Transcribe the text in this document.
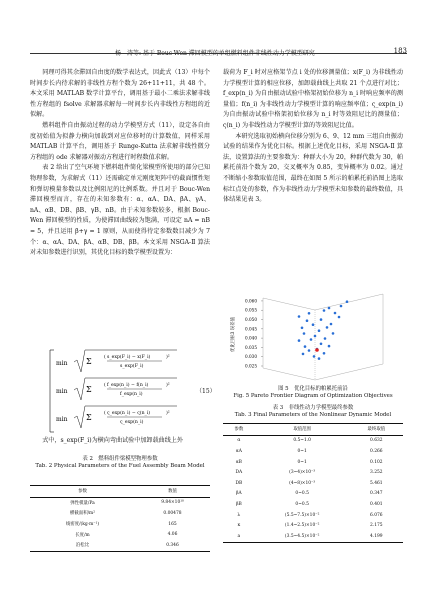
杨　涛等: 基于 Bouc-Wen 滞回模型的单组燃料组件非线性动力学模型研究	183

同理可得其余滞回自由度的数学表达式，因此式（13）中每个时间步长内待求解的非线性方程个数为 26+11+11，共 48 个。本文采用 MATLAB 数学计算平台，调用基于最小二乘法求解非线性方程组的 fsolve 求解器求解每一时间步长内非线性方程组的近似解。

燃料组件自由振动过程的动力学模型方式（11），设定各自由度初始值为拟静力横向加载到对应位移时的计算数值，同样采用 MATLAB 计算平台，调用基于 Runge-Kutta 法求解非线性微分方程组的 ode 求解器对振动方程进行时程数值求解。

表 2 给出了空气环境下燃料组件简化梁模型所使用的部分已知物理参数，为求解式（11）还需确定单元刚度矩阵中的截面惯性矩和弹切模量参数以及比例阻尼的比例系数。并且对于 Bouc-Wen 滞回模型而言，存在的未知参数有：α、αA、DA、βA、γA、nA、αB、DB、βB、γB、nB。由于未知参数较多，根据 Bouc-Wen 滞回模型的性质，为使滞回曲线较为饱满，可设定 nA = nB = 5，并且运用 β+γ = 1 原则，从而使得待定参数数目减少为 7 个：α、αA、DA、βA、αB、DB、βB。本文采用 NSGA-Ⅱ 算法对未知参数进行识别，其优化目标的数学模型设置为：

min Σ	( s_exp(F_i) − x(F_i)
s_exp(F_i)
)²
min Σ	( f_exp(n_i) − f(n_i)
f_exp(n_i)
)²
min Σ	( ς_exp(n_i) − ς(n_i)
ς_exp(n_i)
)²
（15）

式中，s_exp(F_i)为横向弯曲试验中加卸载曲线上外

表 2　燃料组件梁模型物理参数
Tab. 2 Physical Parameters of the Fuel Assembly Beam Model
参数	数值
弹性模量/Pa	9.84×10¹⁰
横截面积/m²	0.00478
线密度/(kg·m⁻¹)	165
长度/m	4.06
泊松比	0.346

载荷为 F_i 时对应格架节点 i 处的位移测量值；x(F_i) 为非线性动力学模型计算的相应位移，加卸载曲线上共取 21 个点进行对比；f_exp(n_i) 为自由振动试验中格架初始位移为 n_i 时响应频率的测量值；f(n_i) 为非线性动力学模型计算的响应频率值；ς_exp(n_i) 为自由振动试验中格架初始位移为 n_i 时等效阻尼比的测量值；ς(n_i) 为非线性动力学模型计算的等效阻尼比值。

本研究选取初始横向位移分别为 6、9、12 mm 三组自由振动试验的结果作为优化目标。根据上述优化目标，采用 NSGA-Ⅱ 算法，设置算法的主要参数为：种群大小为 20，种群代数为 30，帕累托前沿个数为 20，交叉概率为 0.85，变异概率为 0.02。通过不断缩小参数取值范围，最终在如图 5 所示的帕累托前沿图上选取标红点处的参数，作为非线性动力学模型未知参数的最终数值，具体结果见表 3。

0.060
0.055
0.050
0.045
0.040
0.035
0.030
0.025
优化目标3 误差值
图 5　优化目标的帕累托前沿
Fig. 5 Pareto Frontier Diagram of Optimization Objectives
表 3　非线性动力学模型最终参数
Tab. 3 Final Parameters of the Nonlinear Dynamic Model
参数	取值范围	最终取值
α	0.5~1.0	0.632
αA	0~1	0.266
αB	0~1	0.102
DA	(3~4)×10⁻³	3.252
DB	(4~8)×10⁻³	5.461
βA	0~0.5	0.347
βB	0~0.5	0.401
λ	(5.5~7.5)×10⁻²	6.076
κ	(1.4~2.5)×10⁻²	2.175
a	(3.5~4.5)×10⁻²	4.199
